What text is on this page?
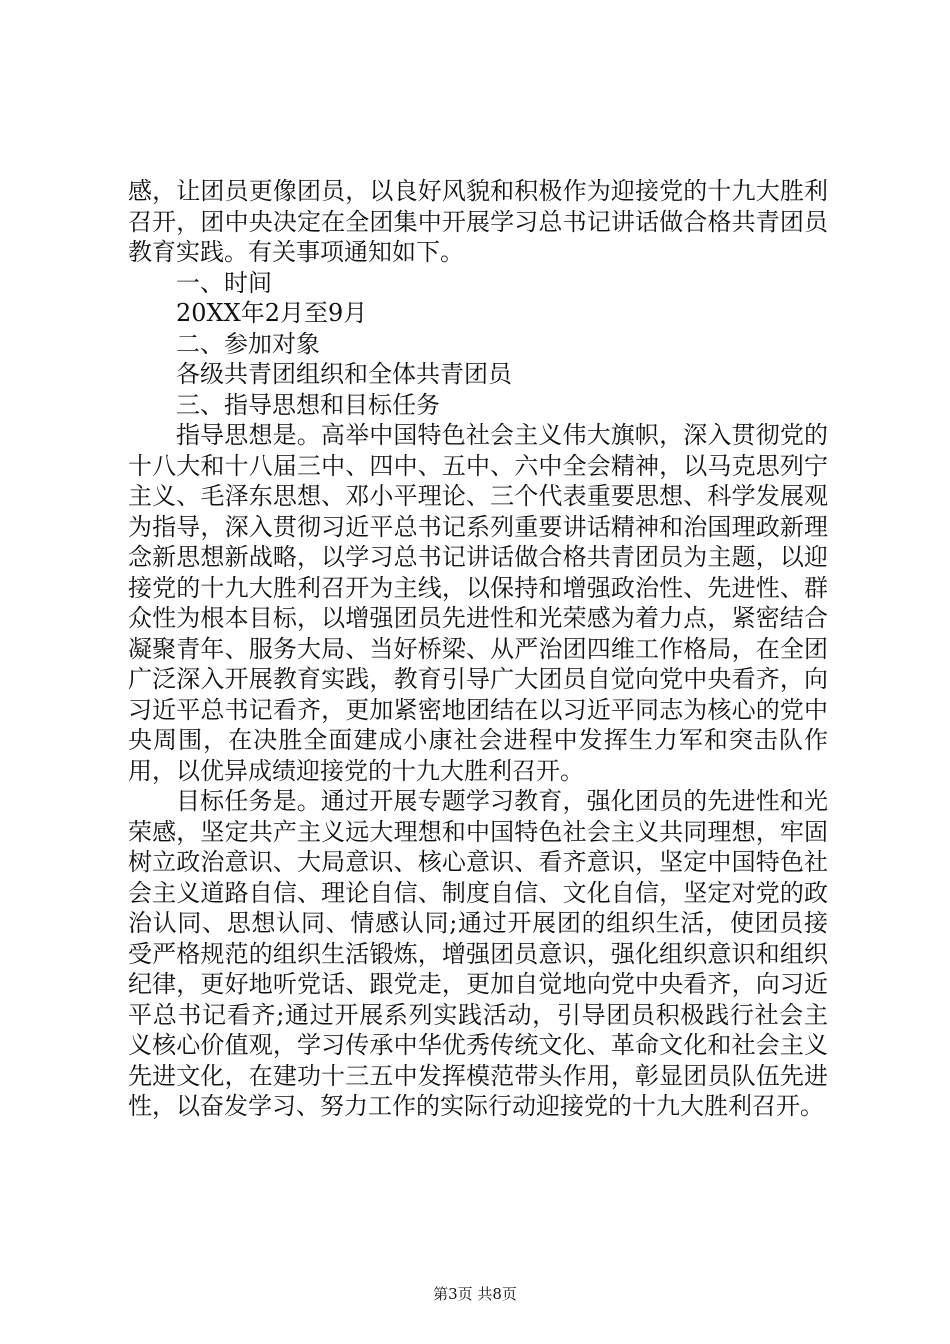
感，让团员更像团员，以良好风貌和积极作为迎接党的十九大胜利召开，团中央决定在全团集中开展学习总书记讲话做合格共青团员教育实践。有关事项通知如下。

一、时间

20XX年2月至9月

二、参加对象

各级共青团组织和全体共青团员

三、指导思想和目标任务

指导思想是。高举中国特色社会主义伟大旗帜，深入贯彻党的十八大和十八届三中、四中、五中、六中全会精神，以马克思列宁主义、毛泽东思想、邓小平理论、三个代表重要思想、科学发展观为指导，深入贯彻习近平总书记系列重要讲话精神和治国理政新理念新思想新战略，以学习总书记讲话做合格共青团员为主题，以迎接党的十九大胜利召开为主线，以保持和增强政治性、先进性、群众性为根本目标，以增强团员先进性和光荣感为着力点，紧密结合凝聚青年、服务大局、当好桥梁、从严治团四维工作格局，在全团广泛深入开展教育实践，教育引导广大团员自觉向党中央看齐，向习近平总书记看齐，更加紧密地团结在以习近平同志为核心的党中央周围，在决胜全面建成小康社会进程中发挥生力军和突击队作用，以优异成绩迎接党的十九大胜利召开。

目标任务是。通过开展专题学习教育，强化团员的先进性和光荣感，坚定共产主义远大理想和中国特色社会主义共同理想，牢固树立政治意识、大局意识、核心意识、看齐意识，坚定中国特色社会主义道路自信、理论自信、制度自信、文化自信，坚定对党的政治认同、思想认同、情感认同;通过开展团的组织生活，使团员接受严格规范的组织生活锻炼，增强团员意识，强化组织意识和组织纪律，更好地听党话、跟党走，更加自觉地向党中央看齐，向习近平总书记看齐;通过开展系列实践活动，引导团员积极践行社会主义核心价值观，学习传承中华优秀传统文化、革命文化和社会主义先进文化，在建功十三五中发挥模范带头作用，彰显团员队伍先进性，以奋发学习、努力工作的实际行动迎接党的十九大胜利召开。

第3页 共8页
